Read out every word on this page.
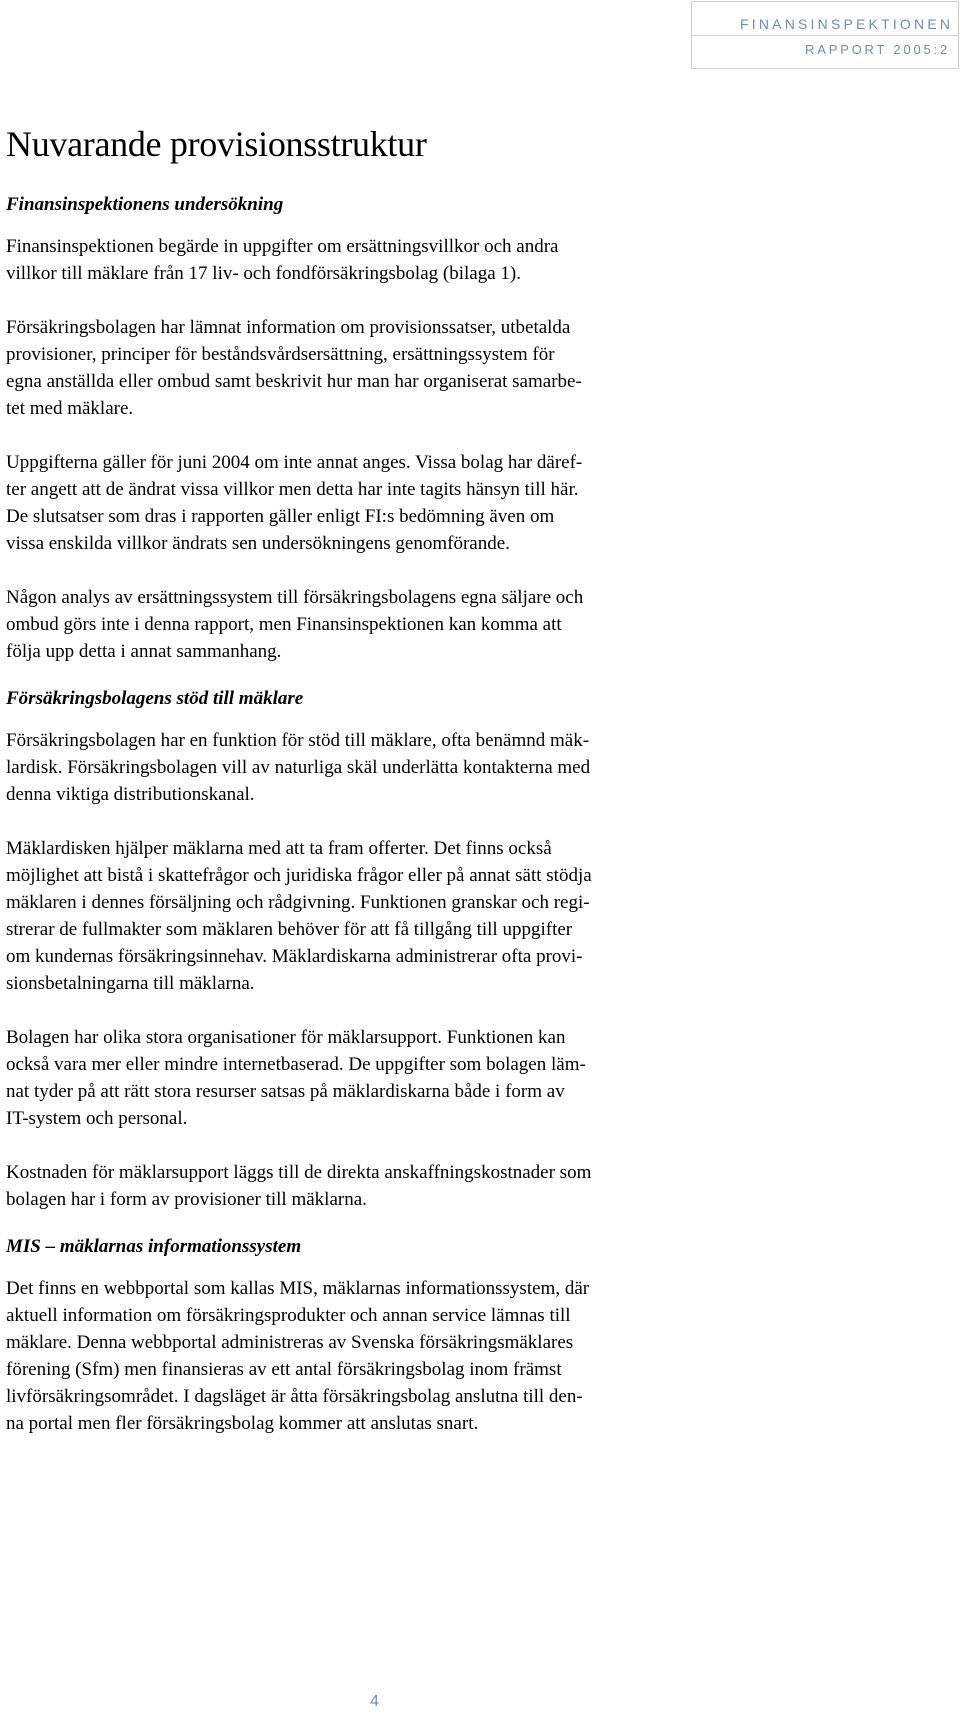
FINANSINSPEKTIONEN
RAPPORT 2005:2
Nuvarande provisionsstruktur
Finansinspektionens undersökning

Finansinspektionen begärde in uppgifter om ersättningsvillkor och andra
villkor till mäklare från 17 liv- och fondförsäkringsbolag (bilaga 1).

Försäkringsbolagen har lämnat information om provisionssatser, utbetalda
provisioner, principer för beståndsvårdsersättning, ersättningssystem för
egna anställda eller ombud samt beskrivit hur man har organiserat samarbe-
tet med mäklare.

Uppgifterna gäller för juni 2004 om inte annat anges. Vissa bolag har däref-
ter angett att de ändrat vissa villkor men detta har inte tagits hänsyn till här.
De slutsatser som dras i rapporten gäller enligt FI:s bedömning även om
vissa enskilda villkor ändrats sen undersökningens genomförande.

Någon analys av ersättningssystem till försäkringsbolagens egna säljare och
ombud görs inte i denna rapport, men Finansinspektionen kan komma att
följa upp detta i annat sammanhang.

Försäkringsbolagens stöd till mäklare

Försäkringsbolagen har en funktion för stöd till mäklare, ofta benämnd mäk-
lardisk. Försäkringsbolagen vill av naturliga skäl underlätta kontakterna med
denna viktiga distributionskanal.

Mäklardisken hjälper mäklarna med att ta fram offerter. Det finns också
möjlighet att bistå i skattefrågor och juridiska frågor eller på annat sätt stödja
mäklaren i dennes försäljning och rådgivning. Funktionen granskar och regi-
strerar de fullmakter som mäklaren behöver för att få tillgång till uppgifter
om kundernas försäkringsinnehav. Mäklardiskarna administrerar ofta provi-
sionsbetalningarna till mäklarna.

Bolagen har olika stora organisationer för mäklarsupport. Funktionen kan
också vara mer eller mindre internetbaserad. De uppgifter som bolagen läm-
nat tyder på att rätt stora resurser satsas på mäklardiskarna både i form av
IT-system och personal.

Kostnaden för mäklarsupport läggs till de direkta anskaffningskostnader som
bolagen har i form av provisioner till mäklarna.

MIS – mäklarnas informationssystem

Det finns en webbportal som kallas MIS, mäklarnas informationssystem, där
aktuell information om försäkringsprodukter och annan service lämnas till
mäklare. Denna webbportal administreras av Svenska försäkringsmäklares
förening (Sfm) men finansieras av ett antal försäkringsbolag inom främst
livförsäkringsområdet. I dagsläget är åtta försäkringsbolag anslutna till den-
na portal men fler försäkringsbolag kommer att anslutas snart.

4
